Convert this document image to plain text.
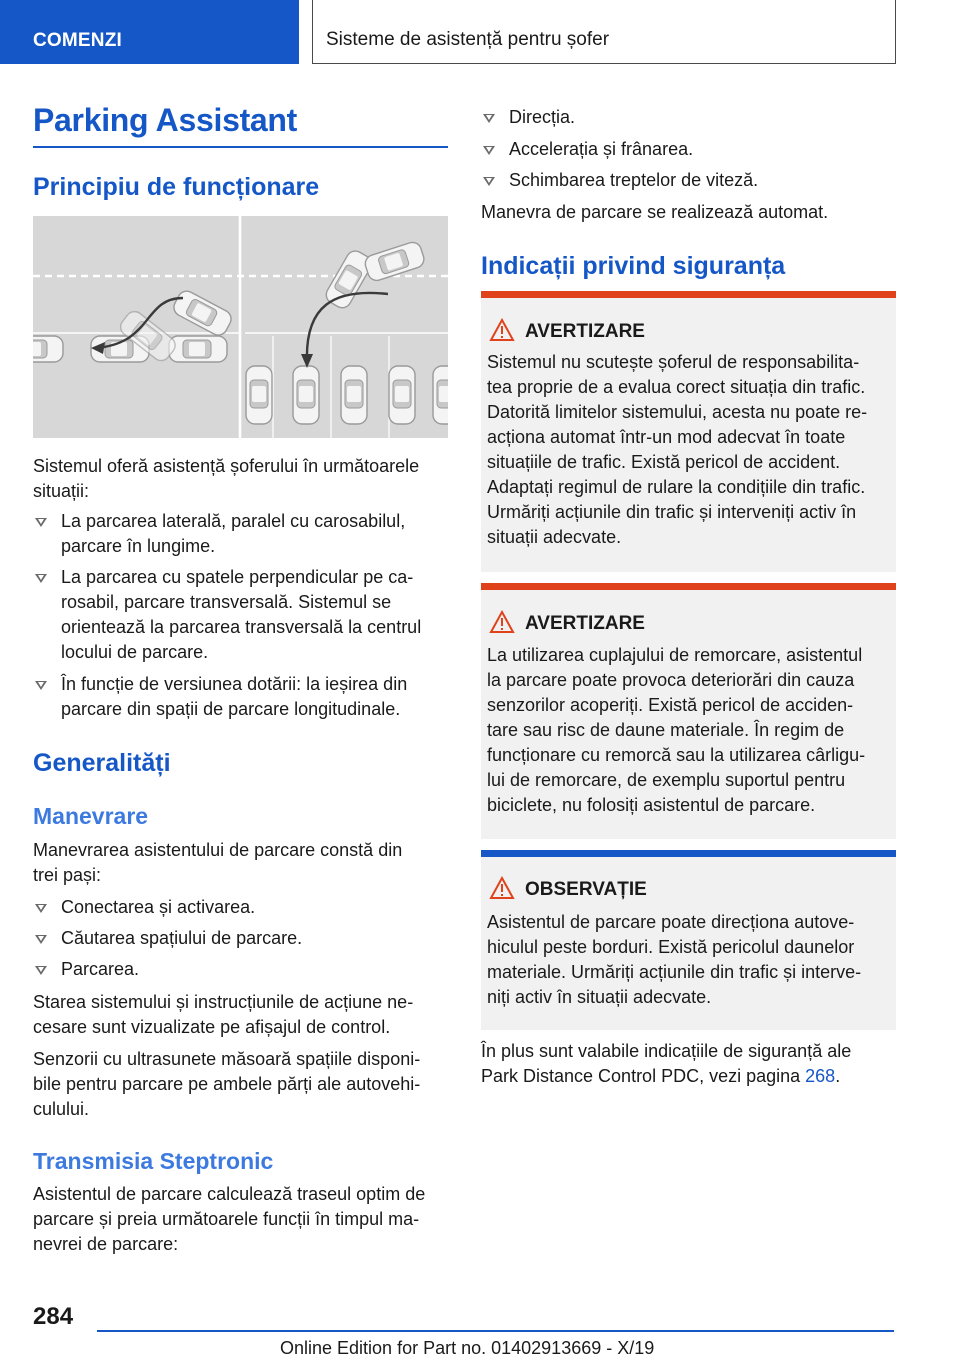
COMENZI	Sisteme de asistență pentru șofer
Parking Assistant
Principiu de funcționare
Sistemul oferă asistență șoferului în următoarele
situații:
La parcarea laterală, paralel cu carosabilul,
parcare în lungime.
La parcarea cu spatele perpendicular pe ca-
rosabil, parcare transversală. Sistemul se
orientează la parcarea transversală la centrul
locului de parcare.
În funcție de versiunea dotării: la ieșirea din
parcare din spații de parcare longitudinale.
Generalități
Manevrare
Manevrarea asistentului de parcare constă din
trei pași:
Conectarea și activarea.
Căutarea spațiului de parcare.
Parcarea.
Starea sistemului și instrucțiunile de acțiune ne-
cesare sunt vizualizate pe afișajul de control.
Senzorii cu ultrasunete măsoară spațiile disponi-
bile pentru parcare pe ambele părți ale autovehi-
culului.
Transmisia Steptronic
Asistentul de parcare calculează traseul optim de
parcare și preia următoarele funcții în timpul ma-
nevrei de parcare:
Direcția.
Accelerația și frânarea.
Schimbarea treptelor de viteză.
Manevra de parcare se realizează automat.
Indicații privind siguranța
AVERTIZARE
Sistemul nu scutește șoferul de responsabilita-
tea proprie de a evalua corect situația din trafic.
Datorită limitelor sistemului, acesta nu poate re-
acționa automat într-un mod adecvat în toate
situațiile de trafic. Există pericol de accident.
Adaptați regimul de rulare la condițiile din trafic.
Urmăriți acțiunile din trafic și interveniți activ în
situații adecvate.
AVERTIZARE
La utilizarea cuplajului de remorcare, asistentul
la parcare poate provoca deteriorări din cauza
senzorilor acoperiți. Există pericol de acciden-
tare sau risc de daune materiale. În regim de
funcționare cu remorcă sau la utilizarea cârligu-
lui de remorcare, de exemplu suportul pentru
biciclete, nu folosiți asistentul de parcare.
OBSERVAȚIE
Asistentul de parcare poate direcționa autove-
hiculul peste borduri. Există pericolul daunelor
materiale. Urmăriți acțiunile din trafic și interve-
niți activ în situații adecvate.
În plus sunt valabile indicațiile de siguranță ale
Park Distance Control PDC, vezi pagina 268.
284
Online Edition for Part no. 01402913669 - X/19
